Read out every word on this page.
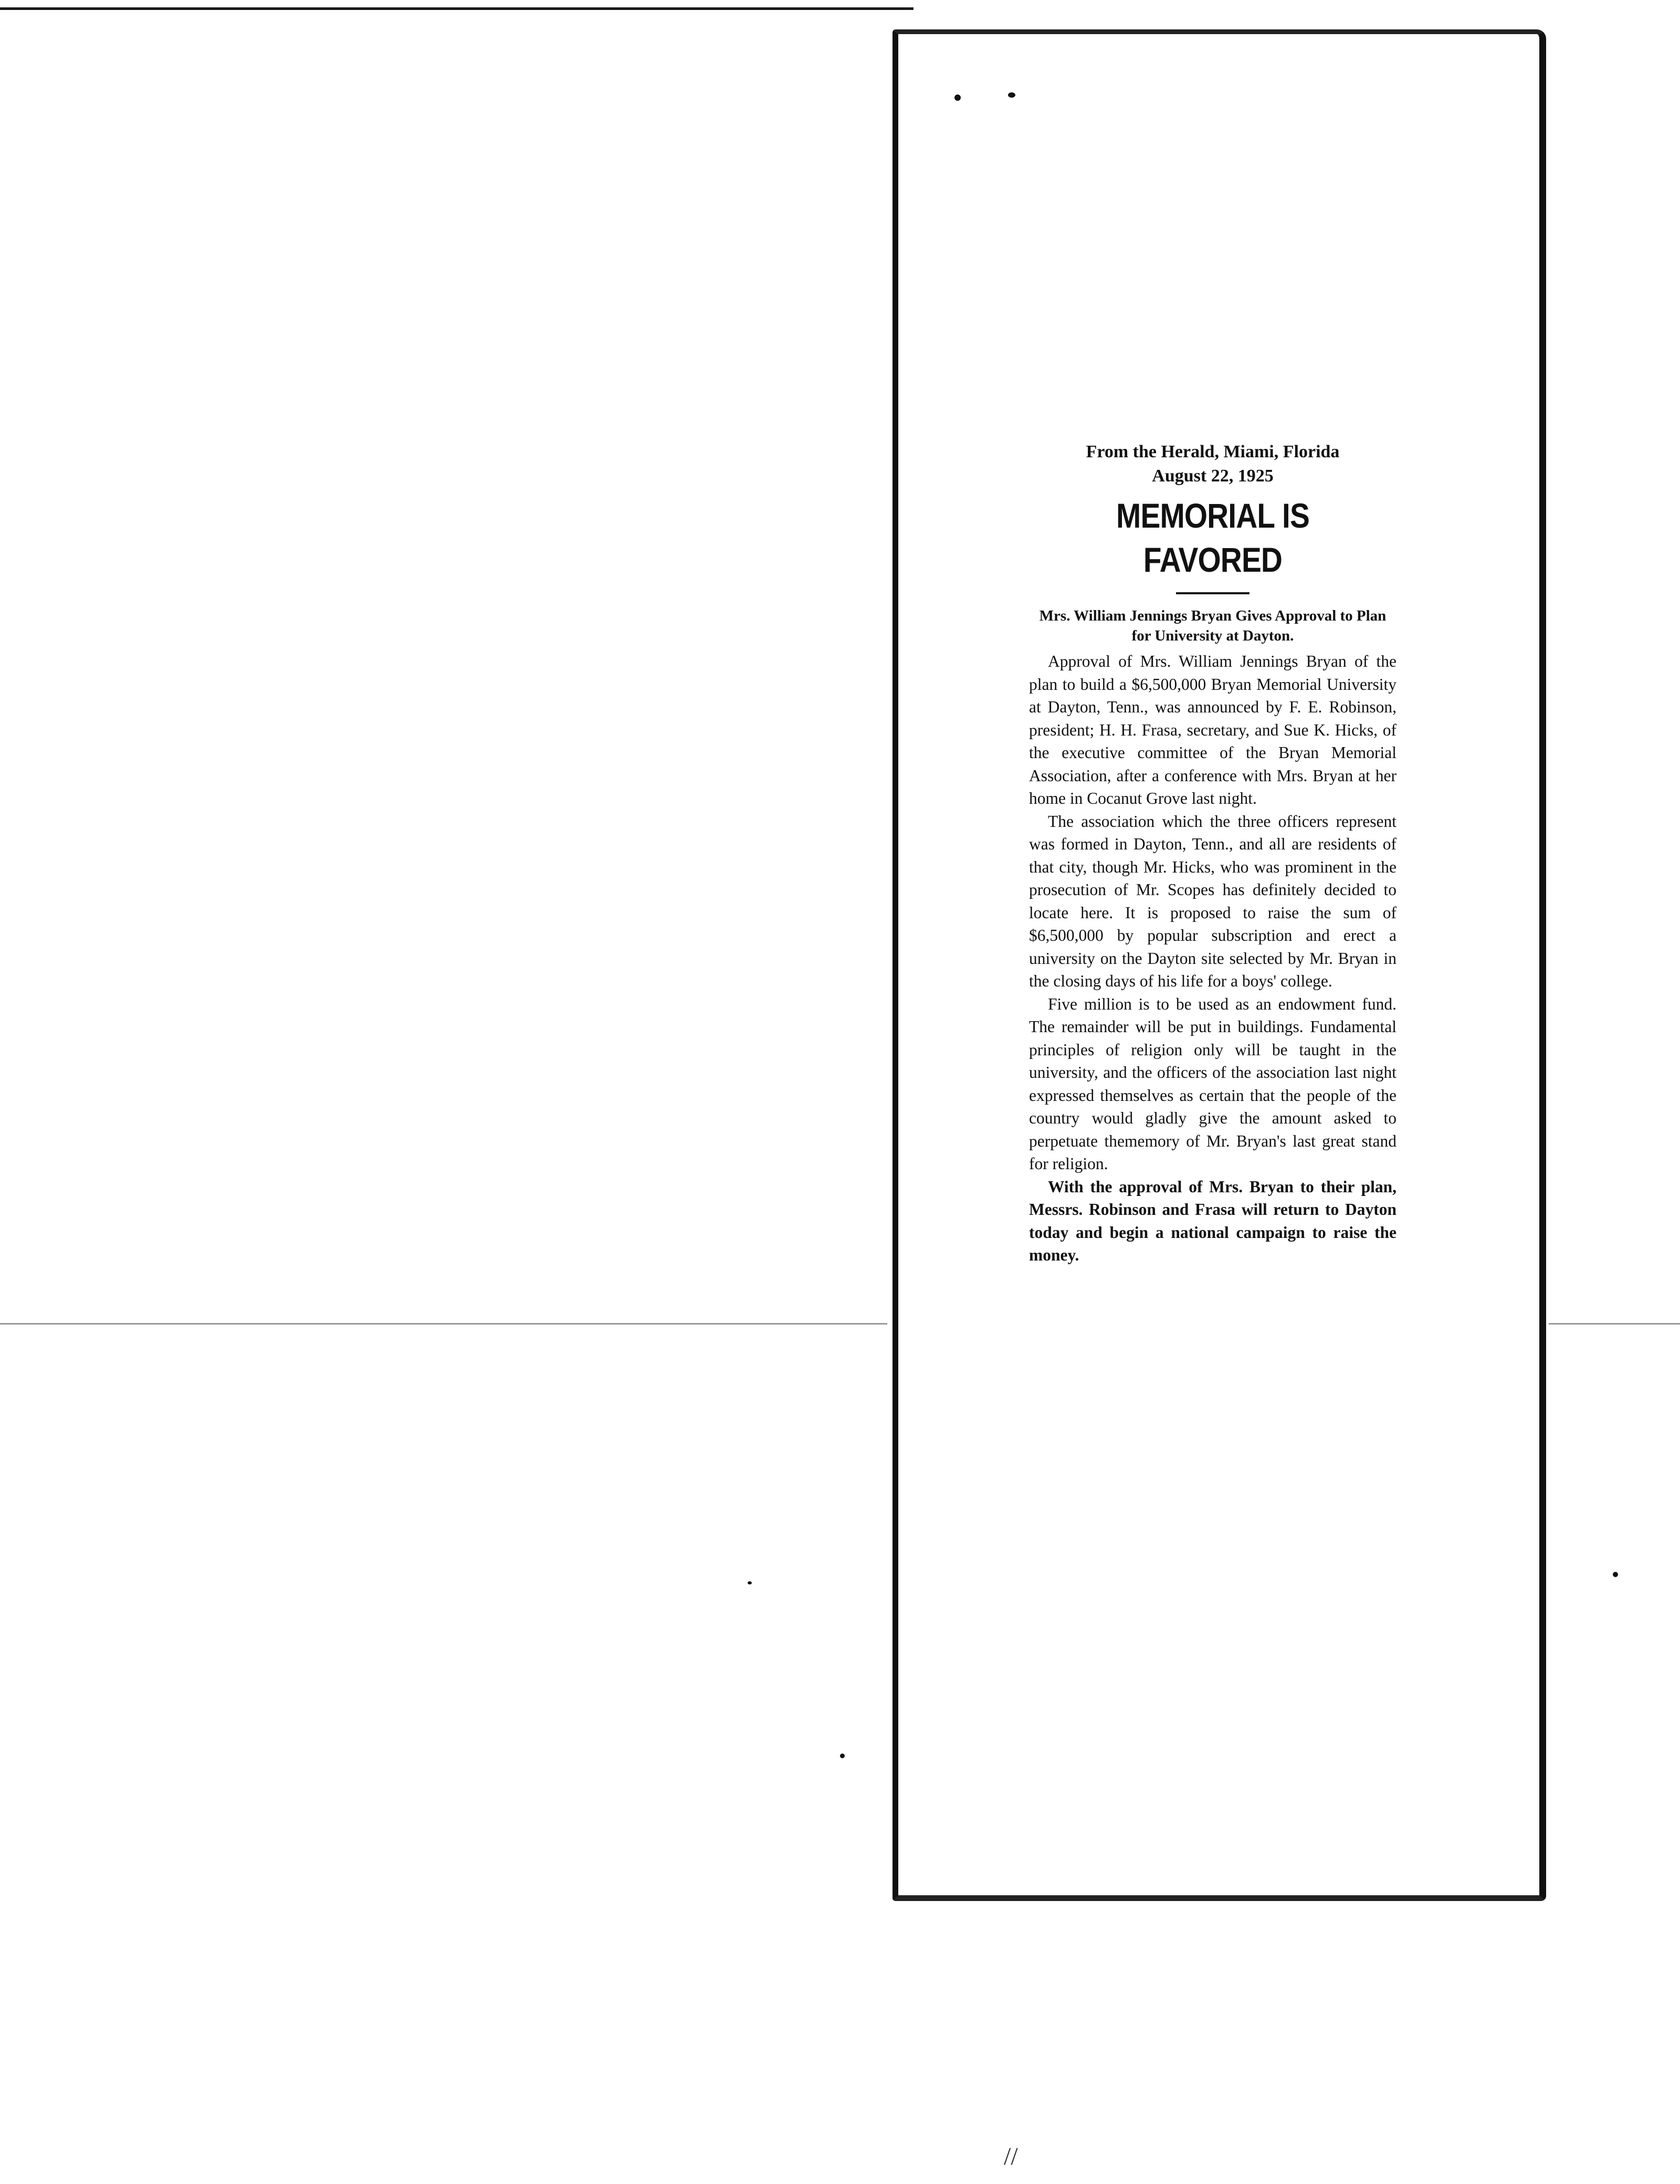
From the Herald, Miami, Florida

August 22, 1925

MEMORIAL IS FAVORED

Mrs. William Jennings Bryan Gives Approval to Plan for University at Dayton.

Approval of Mrs. William Jennings Bryan of the plan to build a $6,500,000 Bryan Memorial University at Dayton, Tenn., was announced by F. E. Robinson, president; H. H. Frasa, secretary, and Sue K. Hicks, of the executive committee of the Bryan Memorial Association, after a conference with Mrs. Bryan at her home in Cocanut Grove last night.

The association which the three officers represent was formed in Dayton, Tenn., and all are residents of that city, though Mr. Hicks, who was prominent in the prosecution of Mr. Scopes has definitely decided to locate here. It is proposed to raise the sum of $6,500,000 by popular subscription and erect a university on the Dayton site selected by Mr. Bryan in the closing days of his life for a boys' college.

Five million is to be used as an endowment fund. The remainder will be put in buildings. Fundamental principles of religion only will be taught in the university, and the officers of the association last night expressed themselves as certain that the people of the country would gladly give the amount asked to perpetuate thememory of Mr. Bryan's last great stand for religion.

With the approval of Mrs. Bryan to their plan, Messrs. Robinson and Frasa will return to Dayton today and begin a national campaign to raise the money.

//
